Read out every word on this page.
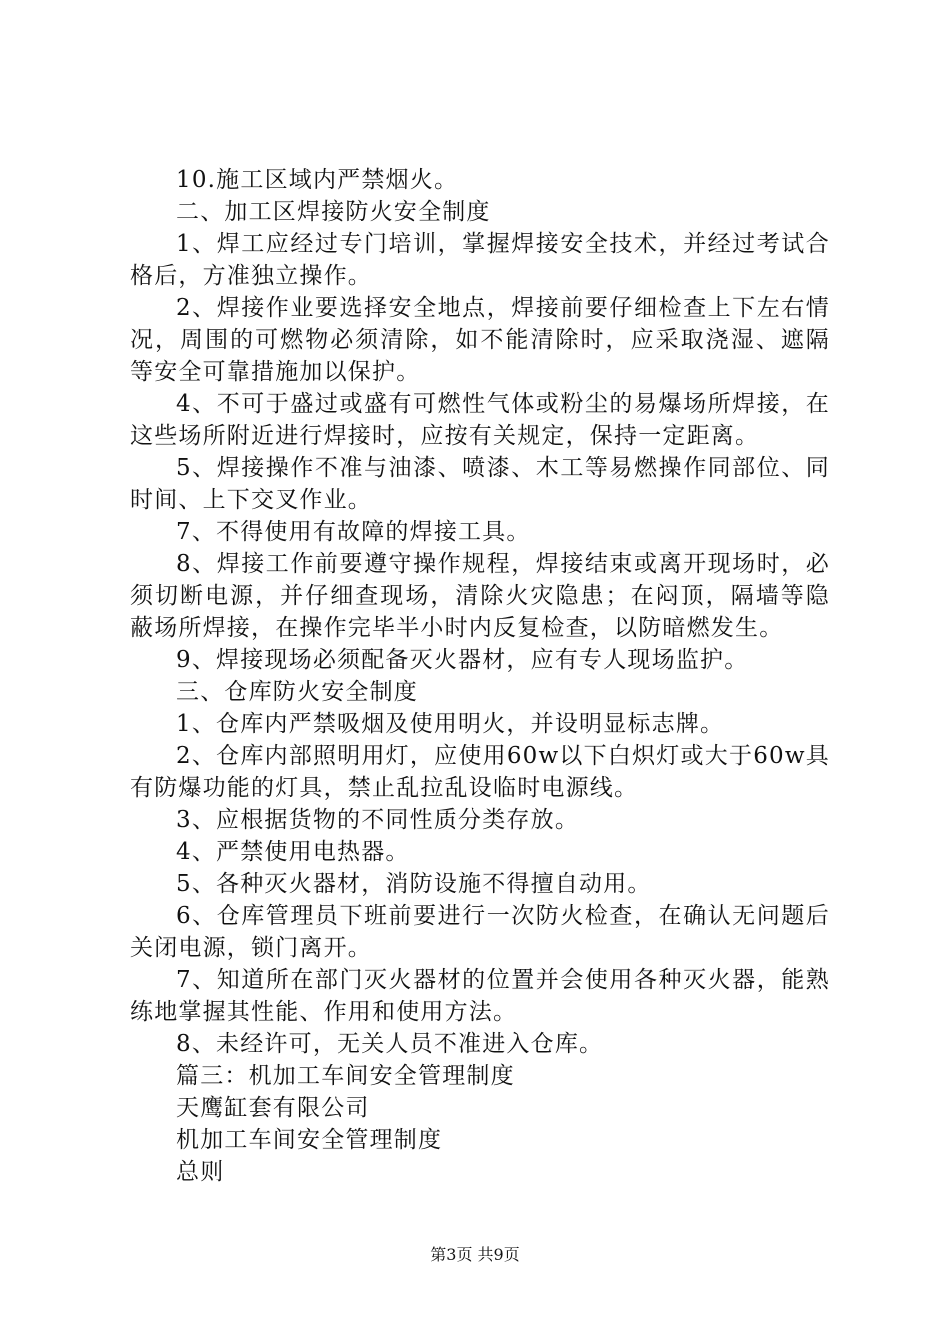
10.施工区域内严禁烟火。

二、加工区焊接防火安全制度

1、焊工应经过专门培训，掌握焊接安全技术，并经过考试合格后，方准独立操作。

2、焊接作业要选择安全地点，焊接前要仔细检查上下左右情况，周围的可燃物必须清除，如不能清除时，应采取浇湿、遮隔等安全可靠措施加以保护。

4、不可于盛过或盛有可燃性气体或粉尘的易爆场所焊接，在这些场所附近进行焊接时，应按有关规定，保持一定距离。

5、焊接操作不准与油漆、喷漆、木工等易燃操作同部位、同时间、上下交叉作业。

7、不得使用有故障的焊接工具。

8、焊接工作前要遵守操作规程，焊接结束或离开现场时，必须切断电源，并仔细查现场，清除火灾隐患；在闷顶，隔墙等隐蔽场所焊接，在操作完毕半小时内反复检查，以防暗燃发生。

9、焊接现场必须配备灭火器材，应有专人现场监护。

三、仓库防火安全制度

1、仓库内严禁吸烟及使用明火，并设明显标志牌。

2、仓库内部照明用灯，应使用60w以下白炽灯或大于60w具有防爆功能的灯具，禁止乱拉乱设临时电源线。

3、应根据货物的不同性质分类存放。

4、严禁使用电热器。

5、各种灭火器材，消防设施不得擅自动用。

6、仓库管理员下班前要进行一次防火检查，在确认无问题后关闭电源，锁门离开。

7、知道所在部门灭火器材的位置并会使用各种灭火器，能熟练地掌握其性能、作用和使用方法。

8、未经许可，无关人员不准进入仓库。

篇三：机加工车间安全管理制度

天鹰缸套有限公司

机加工车间安全管理制度

总则

第3页 共9页
